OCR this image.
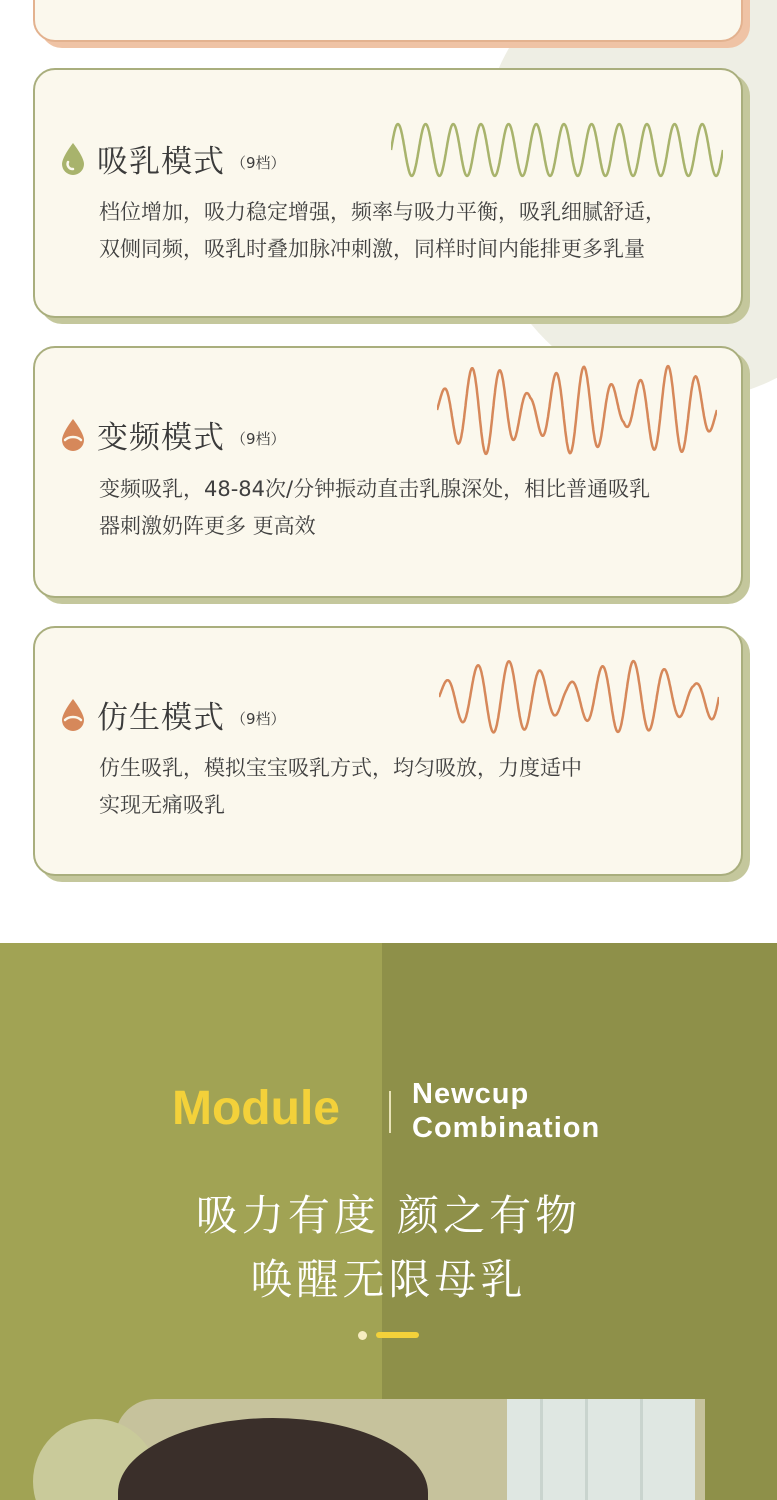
吸乳模式 （9档）
档位增加，吸力稳定增强，频率与吸力平衡，吸乳细腻舒适，
双侧同频，吸乳时叠加脉冲刺激，同样时间内能排更多乳量
变频模式 （9档）
变频吸乳，48-84次/分钟振动直击乳腺深处，相比普通吸乳
器刺激奶阵更多 更高效
仿生模式 （9档）
仿生吸乳，模拟宝宝吸乳方式，均匀吸放，力度适中
实现无痛吸乳
Module Newcup
Combination
吸力有度 颜之有物
唤醒无限母乳
